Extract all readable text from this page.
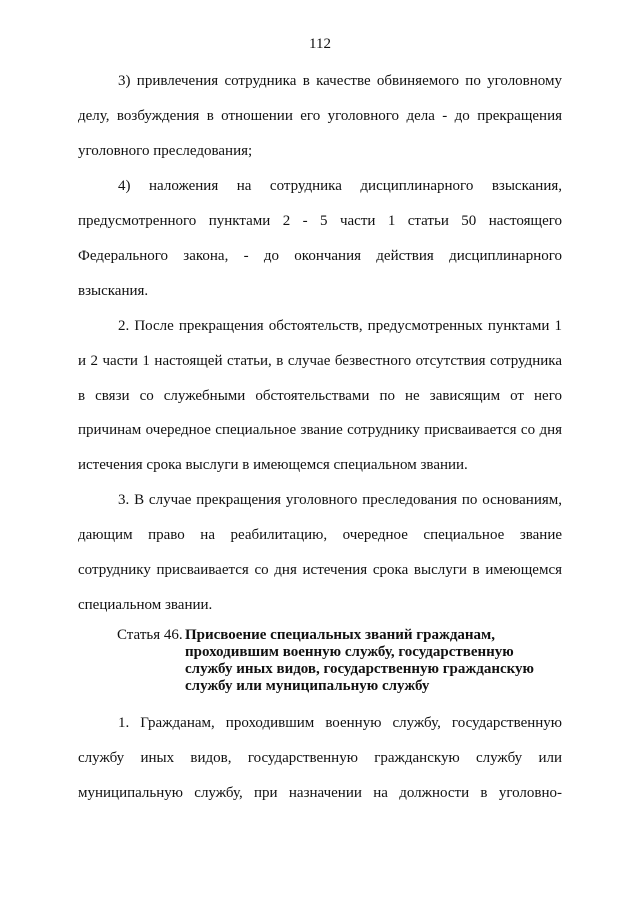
112
3) привлечения сотрудника в качестве обвиняемого по уголовному
делу, возбуждения в отношении его уголовного дела - до прекращения
уголовного преследования;
4) наложения на сотрудника дисциплинарного взыскания,
предусмотренного пунктами 2 - 5 части 1 статьи 50 настоящего
Федерального закона, - до окончания действия дисциплинарного
взыскания.
2. После прекращения обстоятельств, предусмотренных пунктами 1
и 2 части 1 настоящей статьи, в случае безвестного отсутствия сотрудника
в связи со служебными обстоятельствами по не зависящим от него
причинам очередное специальное звание сотруднику присваивается со дня
истечения срока выслуги в имеющемся специальном звании.
3. В случае прекращения уголовного преследования по основаниям,
дающим право на реабилитацию, очередное специальное звание
сотруднику присваивается со дня истечения срока выслуги в имеющемся
специальном звании.
Статья 46. Присвоение специальных званий гражданам,
проходившим военную службу, государственную
службу иных видов, государственную гражданскую
службу или муниципальную службу
1. Гражданам, проходившим военную службу, государственную
службу иных видов, государственную гражданскую службу или
муниципальную службу, при назначении на должности в уголовно-
